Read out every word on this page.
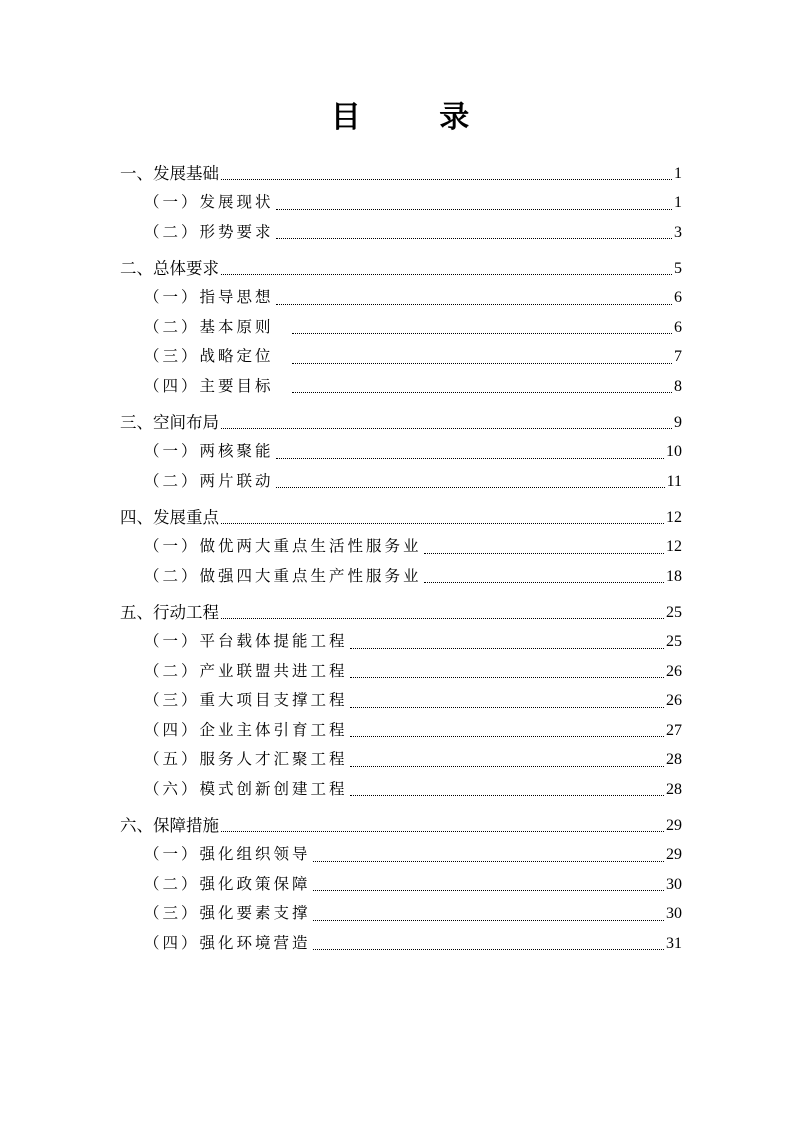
目 录
一、发展基础	1
（一）发展现状	1
（二）形势要求	3
二、总体要求	5
（一）指导思想	6
（二）基本原则	6
（三）战略定位	7
（四）主要目标	8
三、空间布局	9
（一）两核聚能	10
（二）两片联动	11
四、发展重点	12
（一）做优两大重点生活性服务业	12
（二）做强四大重点生产性服务业	18
五、行动工程	25
（一）平台载体提能工程	25
（二）产业联盟共进工程	26
（三）重大项目支撑工程	26
（四）企业主体引育工程	27
（五）服务人才汇聚工程	28
（六）模式创新创建工程	28
六、保障措施	29
（一）强化组织领导	29
（二）强化政策保障	30
（三）强化要素支撑	30
（四）强化环境营造	31
